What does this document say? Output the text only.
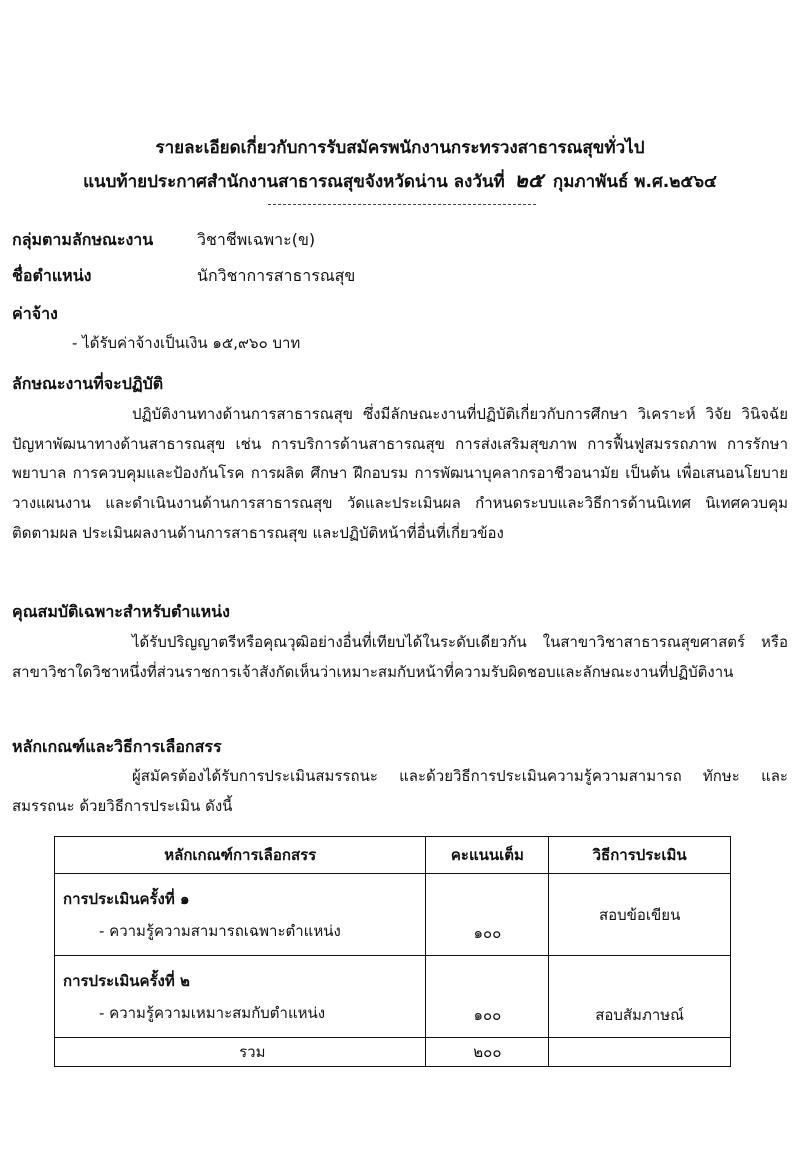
รายละเอียดเกี่ยวกับการรับสมัครพนักงานกระทรวงสาธารณสุขทั่วไป
แนบท้ายประกาศสำนักงานสาธารณสุขจังหวัดน่าน ลงวันที่ ๒๕ กุมภาพันธ์ พ.ศ.๒๕๖๔
กลุ่มตามลักษณะงาน	วิชาชีพเฉพาะ(ข)
ชื่อตำแหน่ง	นักวิชาการสาธารณสุข
ค่าจ้าง
- ได้รับค่าจ้างเป็นเงิน ๑๕,๙๖๐ บาท
ลักษณะงานที่จะปฏิบัติ
ปฏิบัติงานทางด้านการสาธารณสุข ซึ่งมีลักษณะงานที่ปฏิบัติเกี่ยวกับการศึกษา วิเคราะห์ วิจัย วินิจฉัยปัญหาพัฒนาทางด้านสาธารณสุข เช่น การบริการด้านสาธารณสุข การส่งเสริมสุขภาพ การฟื้นฟูสมรรถภาพ การรักษาพยาบาล การควบคุมและป้องกันโรค การผลิต ศึกษา ฝึกอบรม การพัฒนาบุคลากรอาชีวอนามัย เป็นต้น เพื่อเสนอนโยบาย วางแผนงาน และดำเนินงานด้านการสาธารณสุข วัดและประเมินผล กำหนดระบบและวิธีการด้านนิเทศ นิเทศควบคุมติดตามผล ประเมินผลงานด้านการสาธารณสุข และปฏิบัติหน้าที่อื่นที่เกี่ยวข้อง
คุณสมบัติเฉพาะสำหรับตำแหน่ง
ได้รับปริญญาตรีหรือคุณวุฒิอย่างอื่นที่เทียบได้ในระดับเดียวกัน ในสาขาวิชาสาธารณสุขศาสตร์ หรือสาขาวิชาใดวิชาหนึ่งที่ส่วนราชการเจ้าสังกัดเห็นว่าเหมาะสมกับหน้าที่ความรับผิดชอบและลักษณะงานที่ปฏิบัติงาน
หลักเกณฑ์และวิธีการเลือกสรร
ผู้สมัครต้องได้รับการประเมินสมรรถนะ และด้วยวิธีการประเมินความรู้ความสามารถ ทักษะ และสมรรถนะ ด้วยวิธีการประเมิน ดังนี้
หลักเกณฑ์การเลือกสรร	คะแนนเต็ม	วิธีการประเมิน

การประเมินครั้งที่ ๑
- ความรู้ความสามารถเฉพาะตำแหน่ง	๑๐๐	สอบข้อเขียน

การประเมินครั้งที่ ๒
- ความรู้ความเหมาะสมกับตำแหน่ง	๑๐๐	สอบสัมภาษณ์
รวม	๒๐๐	
